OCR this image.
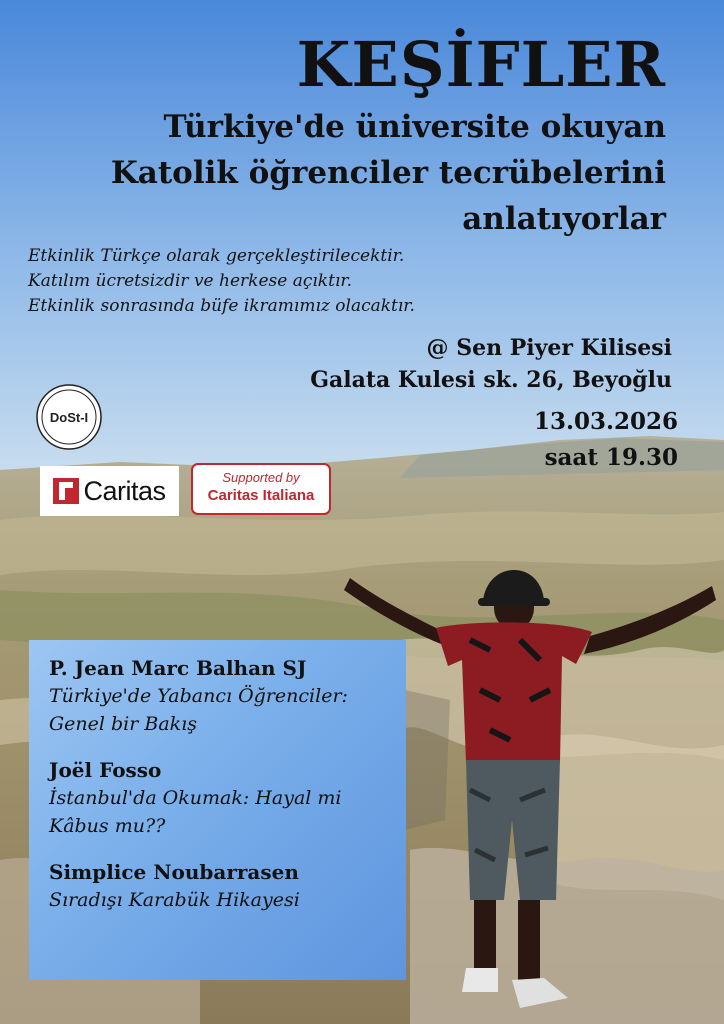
KEŞİFLER
Türkiye'de üniversite okuyan
Katolik öğrenciler tecrübelerini
anlatıyorlar
Etkinlik Türkçe olarak gerçekleştirilecektir.
Katılım ücretsizdir ve herkese açıktır.
Etkinlik sonrasında büfe ikramımız olacaktır.
@ Sen Piyer Kilisesi
Galata Kulesi sk. 26, Beyoğlu
13.03.2026
saat 19.30
DoSt-I
Caritas	Supported by
Caritas Italiana
P. Jean Marc Balhan SJ
Türkiye'de Yabancı Öğrenciler: Genel bir Bakış
Joël Fosso
İstanbul'da Okumak: Hayal mi Kâbus mu??
Simplice Noubarrasen
Sıradışı Karabük Hikayesi
